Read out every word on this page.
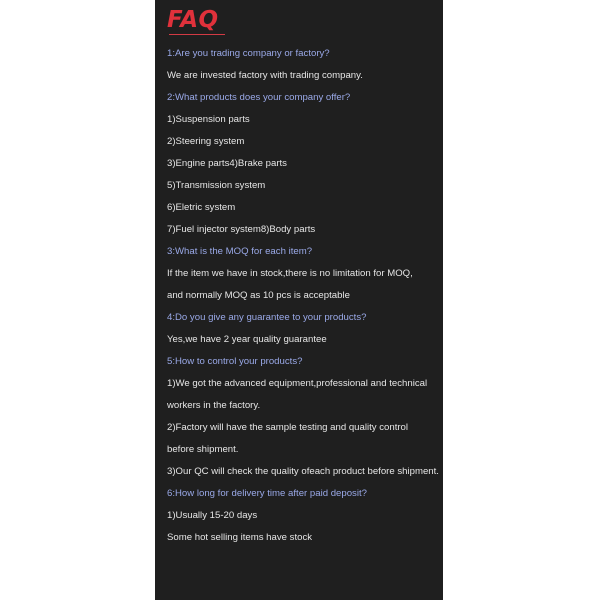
FAQ
1:Are you trading company or factory?
We are invested factory with trading company.
2:What products does your company offer?
1)Suspension parts
2)Steering system
3)Engine parts4)Brake parts
5)Transmission system
6)Eletric system
7)Fuel injector system8)Body parts
3:What is the MOQ for each item?
If the item we have in stock,there is no limitation for MOQ,
and normally MOQ as 10 pcs is acceptable
4:Do you give any guarantee to your products?
Yes,we have 2 year quality guarantee
5:How to control your products?
1)We got the advanced equipment,professional and technical
workers in the factory.
2)Factory will have the sample testing and quality control
before shipment.
3)Our QC will check the quality ofeach product before shipment.
6:How long for delivery time after paid deposit?
1)Usually 15-20 days
Some hot selling items have stock
